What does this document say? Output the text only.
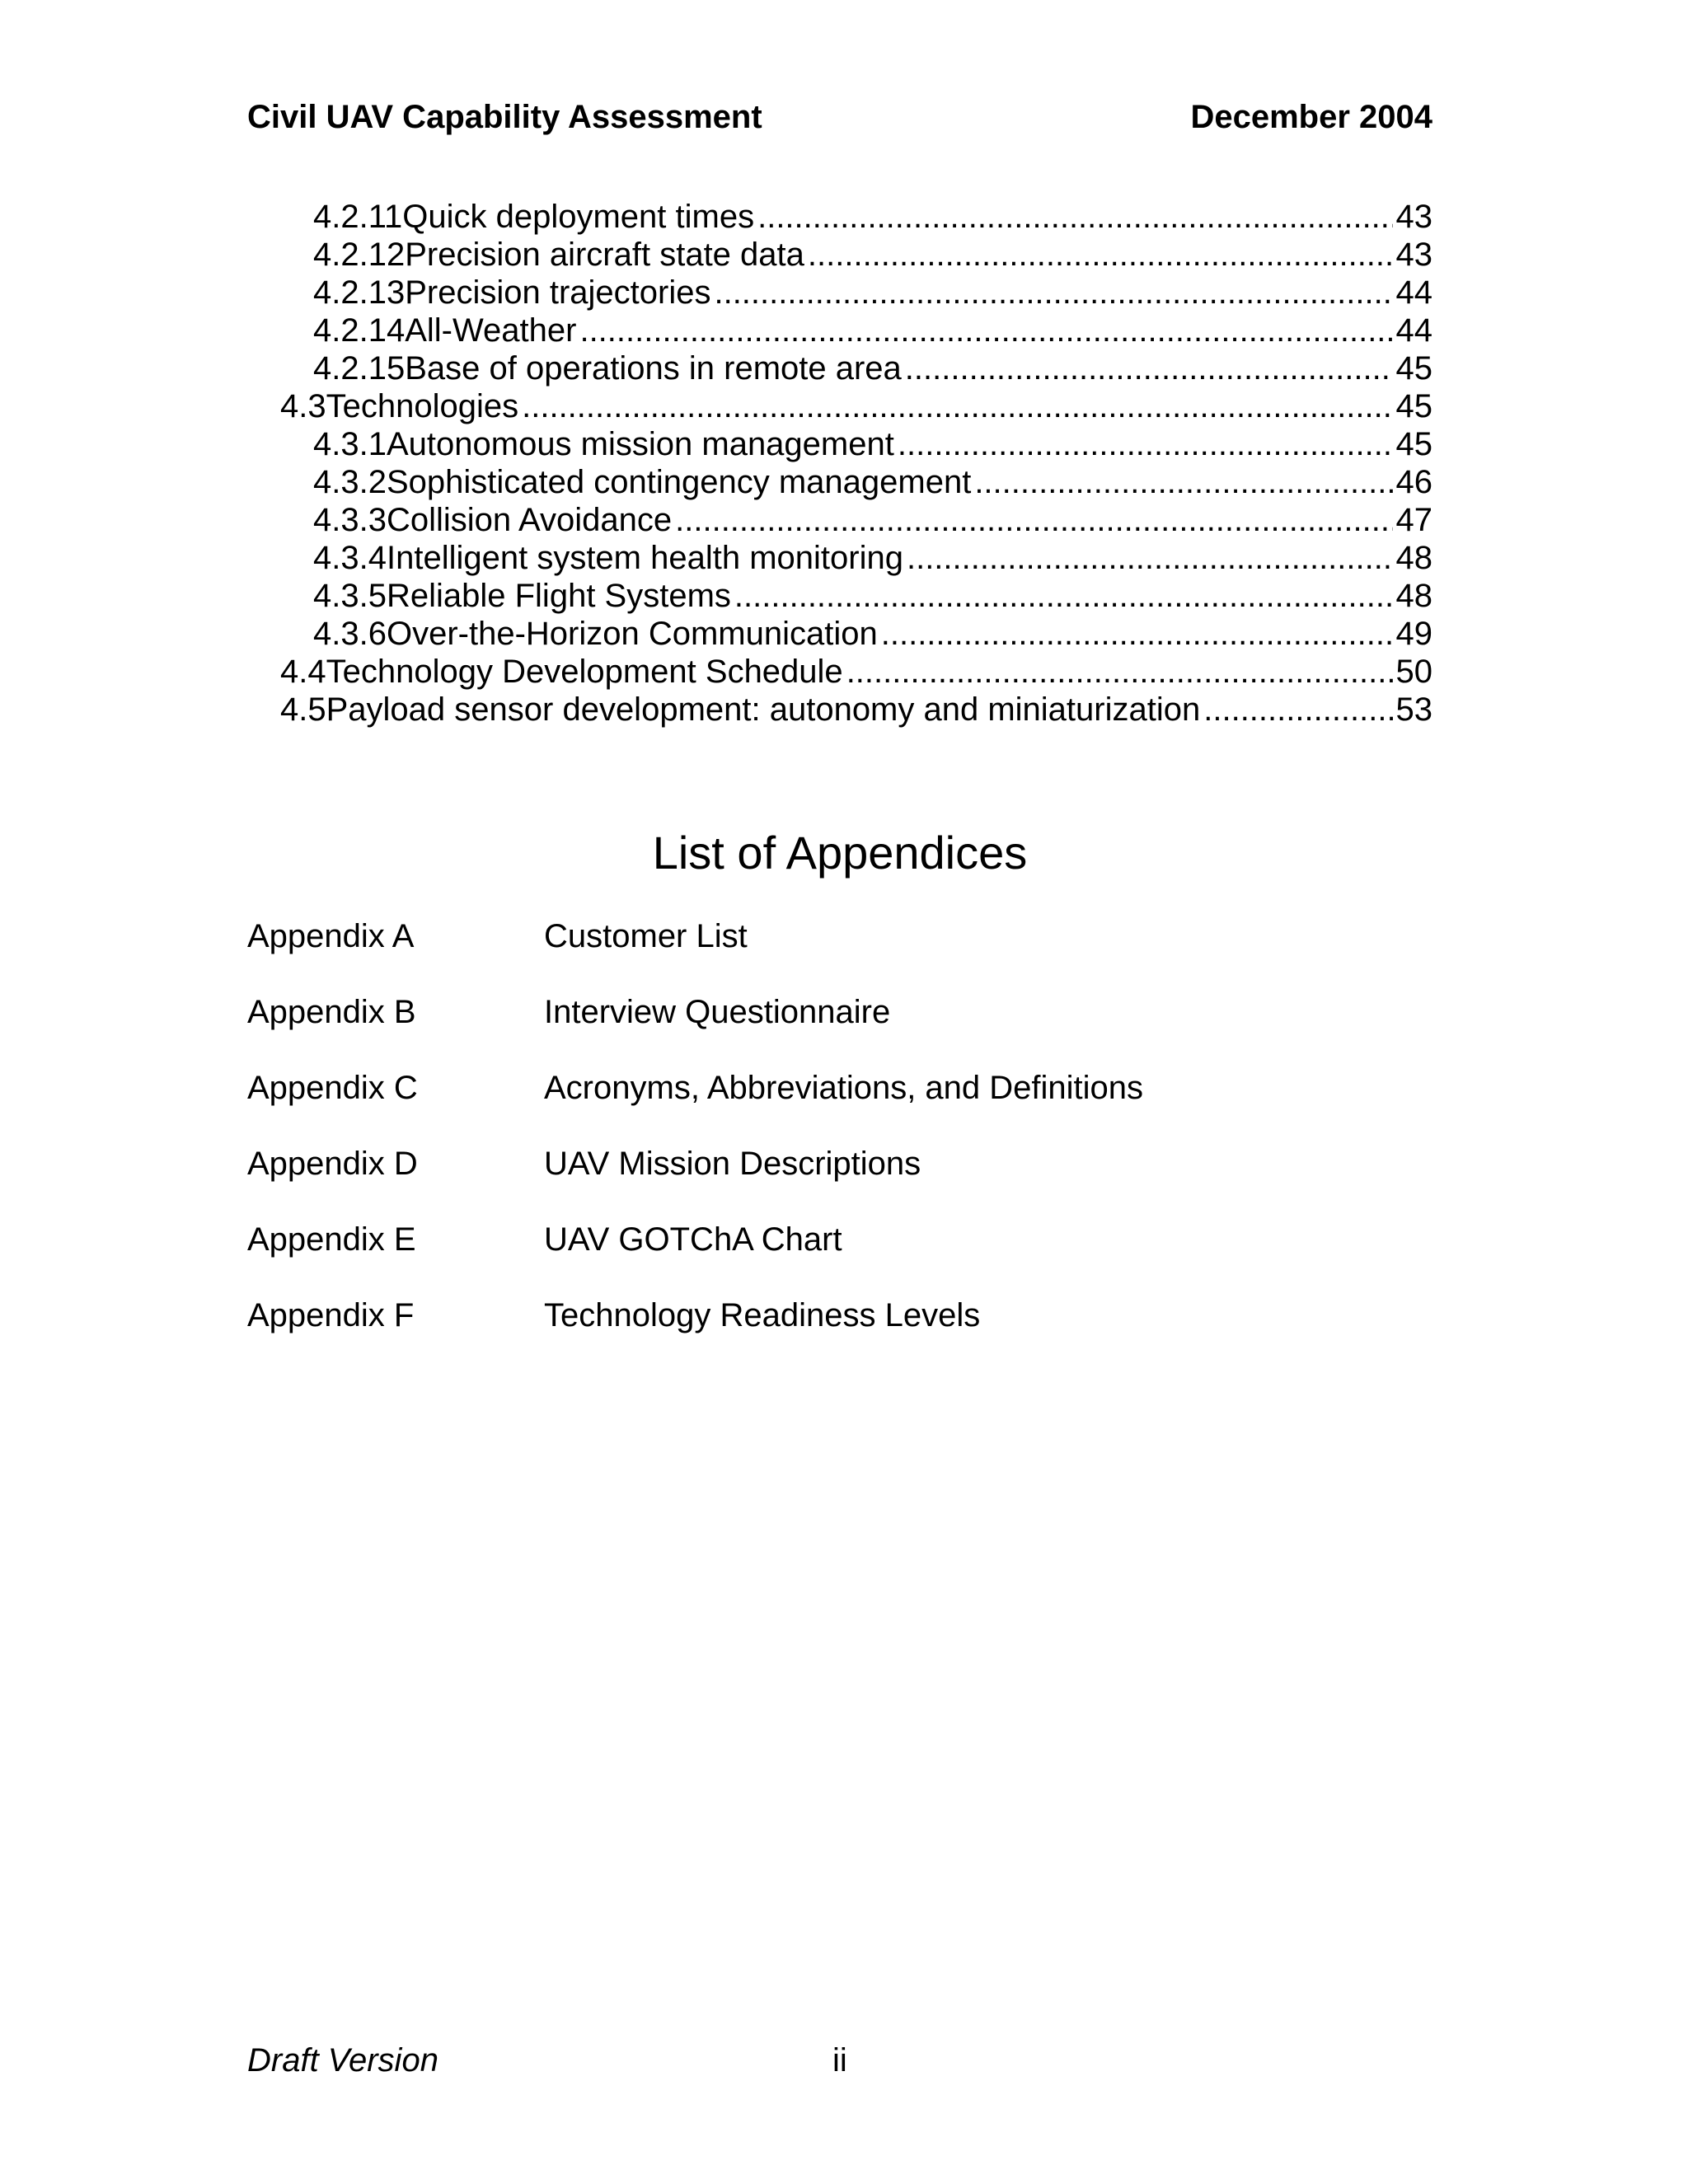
Civil UAV Capability Assessment	December 2004
4.2.11 Quick deployment times .....	43
4.2.12 Precision aircraft state data .....	43
4.2.13 Precision trajectories .....	44
4.2.14 All-Weather .....	44
4.2.15 Base of operations in remote area .....	45
4.3 Technologies .....	45
4.3.1 Autonomous mission management .....	45
4.3.2 Sophisticated contingency management .....	46
4.3.3 Collision Avoidance .....	47
4.3.4 Intelligent system health monitoring .....	48
4.3.5 Reliable Flight Systems .....	48
4.3.6 Over-the-Horizon Communication .....	49
4.4 Technology Development Schedule .....	50
4.5 Payload sensor development: autonomy and miniaturization .....	53
List of Appendices
Appendix A	Customer List
Appendix B	Interview Questionnaire
Appendix C	Acronyms, Abbreviations, and Definitions
Appendix D	UAV Mission Descriptions
Appendix E	UAV GOTChA Chart
Appendix F	Technology Readiness Levels
Draft Version	ii
